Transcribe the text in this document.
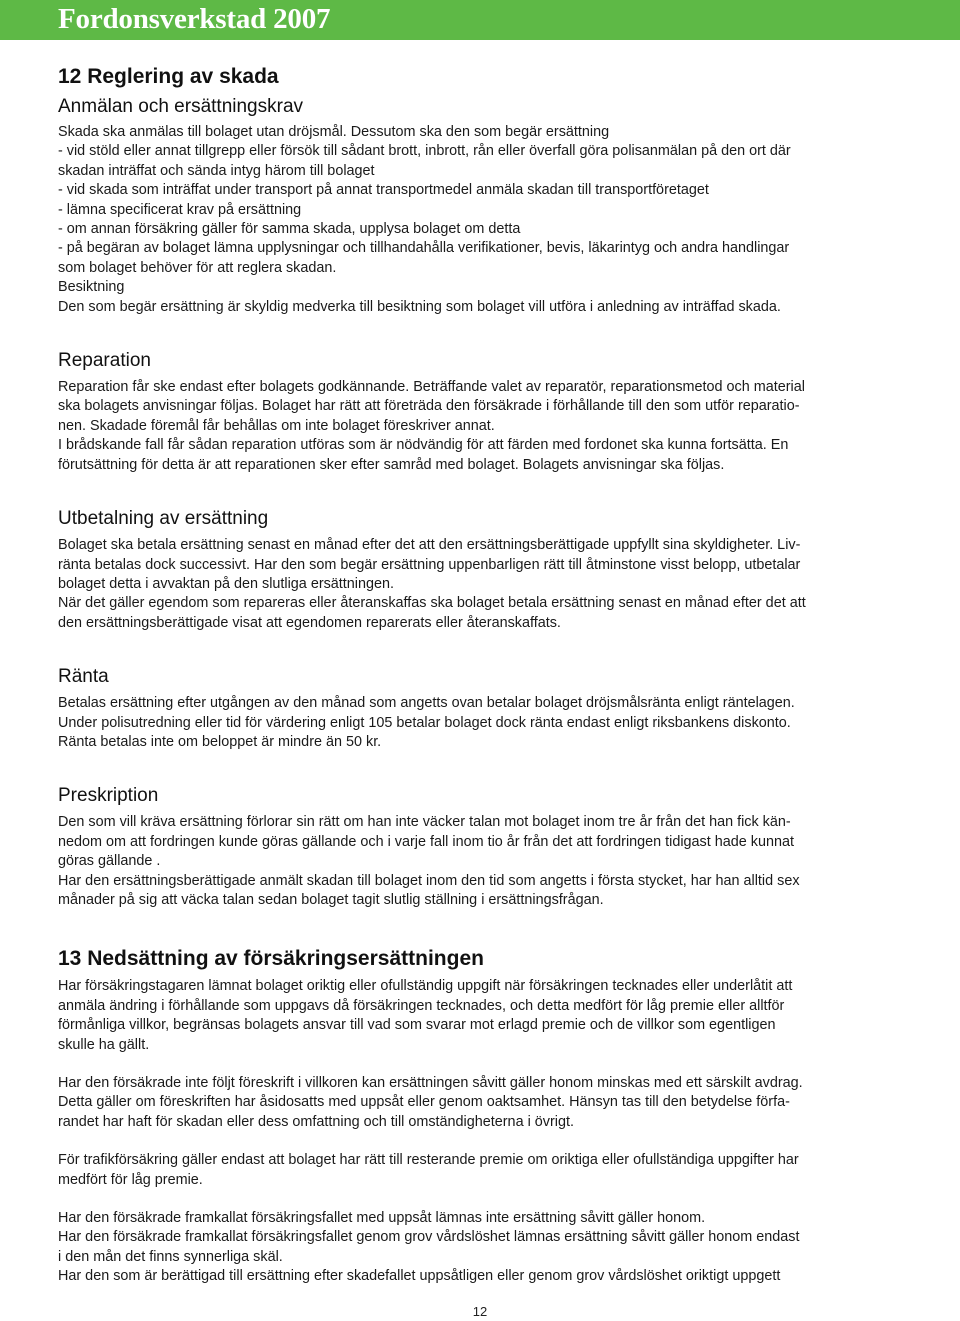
Fordonsverkstad 2007
12 Reglering av skada
Anmälan och ersättningskrav
Skada ska anmälas till bolaget utan dröjsmål. Dessutom ska den som begär ersättning
- vid stöld eller annat tillgrepp eller försök till sådant brott, inbrott, rån eller överfall göra polisanmälan på den ort där
skadan inträffat och sända intyg härom till bolaget
- vid skada som inträffat under transport på annat transportmedel anmäla skadan till transportföretaget
- lämna specificerat krav på ersättning
- om annan försäkring gäller för samma skada, upplysa bolaget om detta
- på begäran av bolaget lämna upplysningar och tillhandahålla verifikationer, bevis, läkarintyg och andra handlingar
som bolaget behöver för att reglera skadan.
Besiktning
Den som begär ersättning är skyldig medverka till besiktning som bolaget vill utföra i anledning av inträffad skada.
Reparation
Reparation får ske endast efter bolagets godkännande. Beträffande valet av reparatör, reparationsmetod och material
ska bolagets anvisningar följas. Bolaget har rätt att företräda den försäkrade i förhållande till den som utför reparatio-
nen. Skadade föremål får behållas om inte bolaget föreskriver annat.
I brådskande fall får sådan reparation utföras som är nödvändig för att färden med fordonet ska kunna fortsätta. En
förutsättning för detta är att reparationen sker efter samråd med bolaget. Bolagets anvisningar ska följas.
Utbetalning av ersättning
Bolaget ska betala ersättning senast en månad efter det att den ersättningsberättigade uppfyllt sina skyldigheter. Liv-
ränta betalas dock successivt. Har den som begär ersättning uppenbarligen rätt till åtminstone visst belopp, utbetalar
bolaget detta i avvaktan på den slutliga ersättningen.
När det gäller egendom som repareras eller återanskaffas ska bolaget betala ersättning senast en månad efter det att
den ersättningsberättigade visat att egendomen reparerats eller återanskaffats.
Ränta
Betalas ersättning efter utgången av den månad som angetts ovan betalar bolaget dröjsmålsränta enligt räntelagen.
Under polisutredning eller tid för värdering enligt 105 betalar bolaget dock ränta endast enligt riksbankens diskonto.
Ränta betalas inte om beloppet är mindre än 50 kr.
Preskription
Den som vill kräva ersättning förlorar sin rätt om han inte väcker talan mot bolaget inom tre år från det han fick kän-
nedom om att fordringen kunde göras gällande och i varje fall inom tio år från det att fordringen tidigast hade kunnat
göras gällande .
Har den ersättningsberättigade anmält skadan till bolaget inom den tid som angetts i första stycket, har han alltid sex
månader på sig att väcka talan sedan bolaget tagit slutlig ställning i ersättningsfrågan.
13 Nedsättning av försäkringsersättningen
Har försäkringstagaren lämnat bolaget oriktig eller ofullständig uppgift när försäkringen tecknades eller underlåtit att
anmäla ändring i förhållande som uppgavs då försäkringen tecknades, och detta medfört för låg premie eller alltför
förmånliga villkor, begränsas bolagets ansvar till vad som svarar mot erlagd premie och de villkor som egentligen
skulle ha gällt.
Har den försäkrade inte följt föreskrift i villkoren kan ersättningen såvitt gäller honom minskas med ett särskilt avdrag.
Detta gäller om föreskriften har åsidosatts med uppsåt eller genom oaktsamhet. Hänsyn tas till den betydelse förfa-
randet har haft för skadan eller dess omfattning och till omständigheterna i övrigt.
För trafikförsäkring gäller endast att bolaget har rätt till resterande premie om oriktiga eller ofullständiga uppgifter har
medfört för låg premie.
Har den försäkrade framkallat försäkringsfallet med uppsåt lämnas inte ersättning såvitt gäller honom.
Har den försäkrade framkallat försäkringsfallet genom grov vårdslöshet lämnas ersättning såvitt gäller honom endast
i den mån det finns synnerliga skäl.
Har den som är berättigad till ersättning efter skadefallet uppsåtligen eller genom grov vårdslöshet oriktigt uppgett
12
